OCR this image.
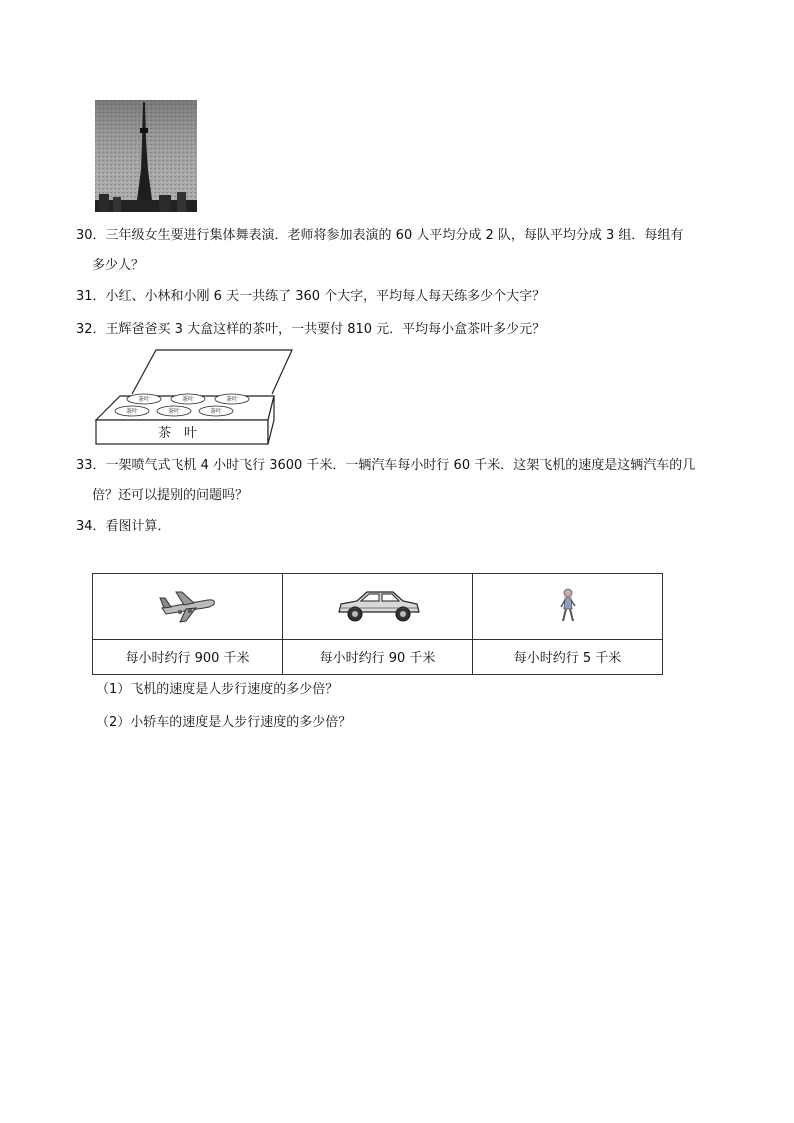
30．三年级女生要进行集体舞表演．老师将参加表演的 60 人平均分成 2 队，每队平均分成 3 组．每组有
多少人？
31．小红、小林和小刚 6 天一共练了 360 个大字，平均每人每天练多少个大字？
32．王辉爸爸买 3 大盒这样的茶叶，一共要付 810 元．平均每小盒茶叶多少元？
茶叶	茶叶	茶叶
茶叶	茶叶	茶叶
茶　叶
33．一架喷气式飞机 4 小时飞行 3600 千米．一辆汽车每小时行 60 千米．这架飞机的速度是这辆汽车的几
倍？还可以提别的问题吗？
34．看图计算．

每小时约行 900 千米	每小时约行 90 千米	每小时约行 5 千米
（1）飞机的速度是人步行速度的多少倍？
（2）小轿车的速度是人步行速度的多少倍？
